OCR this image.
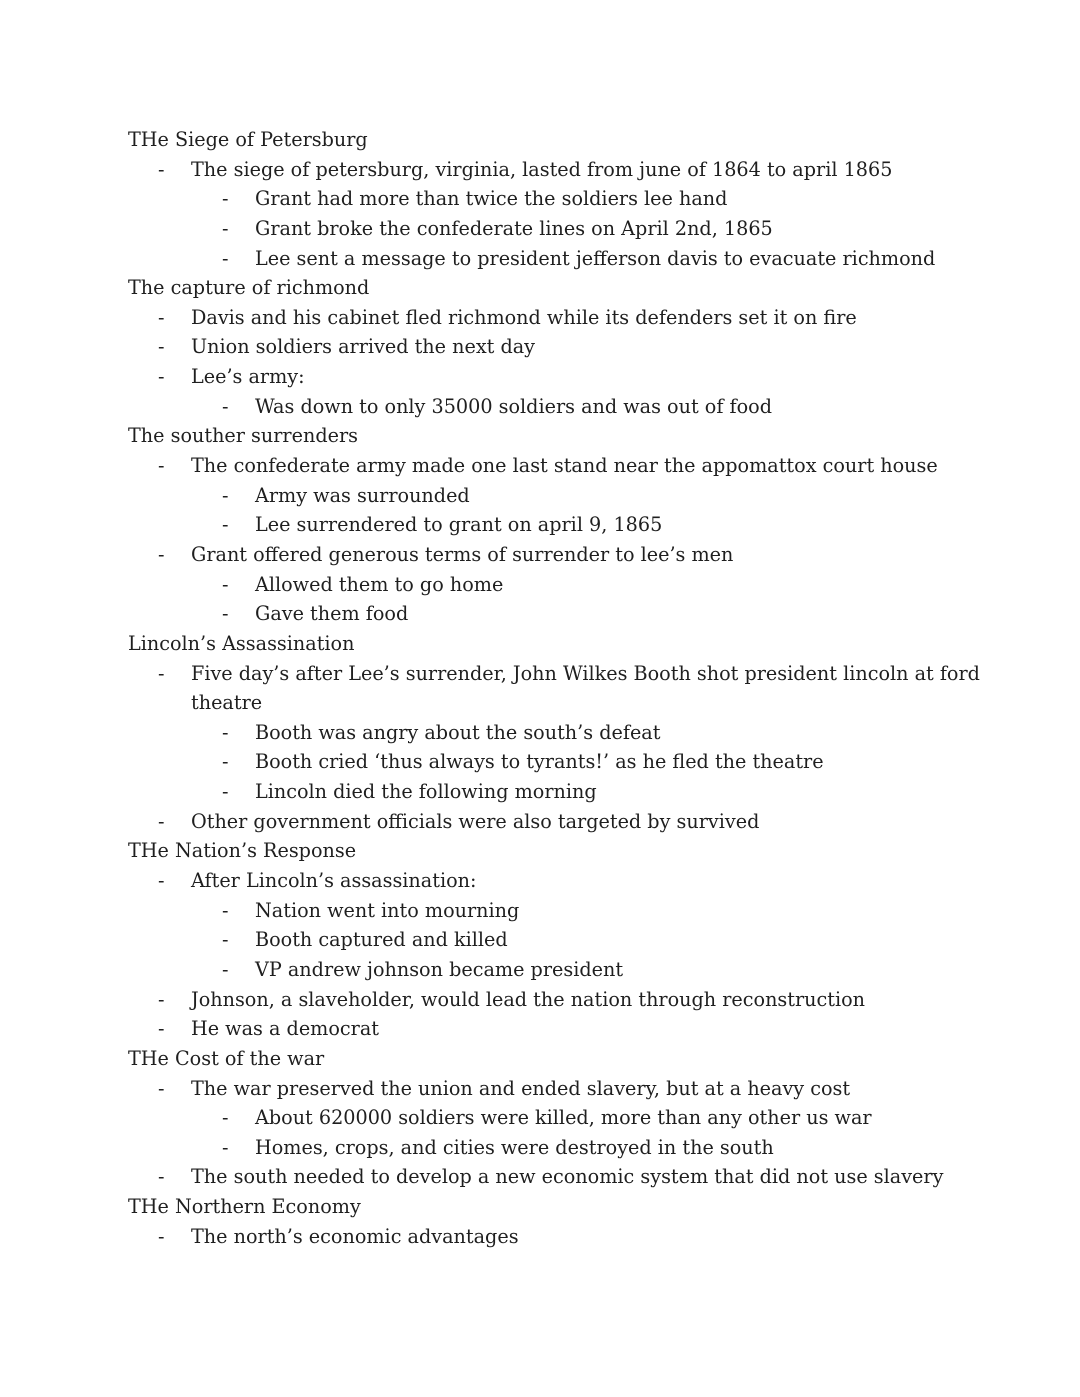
THe Siege of Petersburg
- The siege of petersburg, virginia, lasted from june of 1864 to april 1865
- Grant had more than twice the soldiers lee hand
- Grant broke the confederate lines on April 2nd, 1865
- Lee sent a message to president jefferson davis to evacuate richmond
The capture of richmond
- Davis and his cabinet fled richmond while its defenders set it on fire
- Union soldiers arrived the next day
- Lee’s army:
- Was down to only 35000 soldiers and was out of food
The souther surrenders
- The confederate army made one last stand near the appomattox court house
- Army was surrounded
- Lee surrendered to grant on april 9, 1865
- Grant offered generous terms of surrender to lee’s men
- Allowed them to go home
- Gave them food
Lincoln’s Assassination
- Five day’s after Lee’s surrender, John Wilkes Booth shot president lincoln at ford
theatre
- Booth was angry about the south’s defeat
- Booth cried ‘thus always to tyrants!’ as he fled the theatre
- Lincoln died the following morning
- Other government officials were also targeted by survived
THe Nation’s Response
- After Lincoln’s assassination:
- Nation went into mourning
- Booth captured and killed
- VP andrew johnson became president
- Johnson, a slaveholder, would lead the nation through reconstruction
- He was a democrat
THe Cost of the war
- The war preserved the union and ended slavery, but at a heavy cost
- About 620000 soldiers were killed, more than any other us war
- Homes, crops, and cities were destroyed in the south
- The south needed to develop a new economic system that did not use slavery
THe Northern Economy
- The north’s economic advantages
